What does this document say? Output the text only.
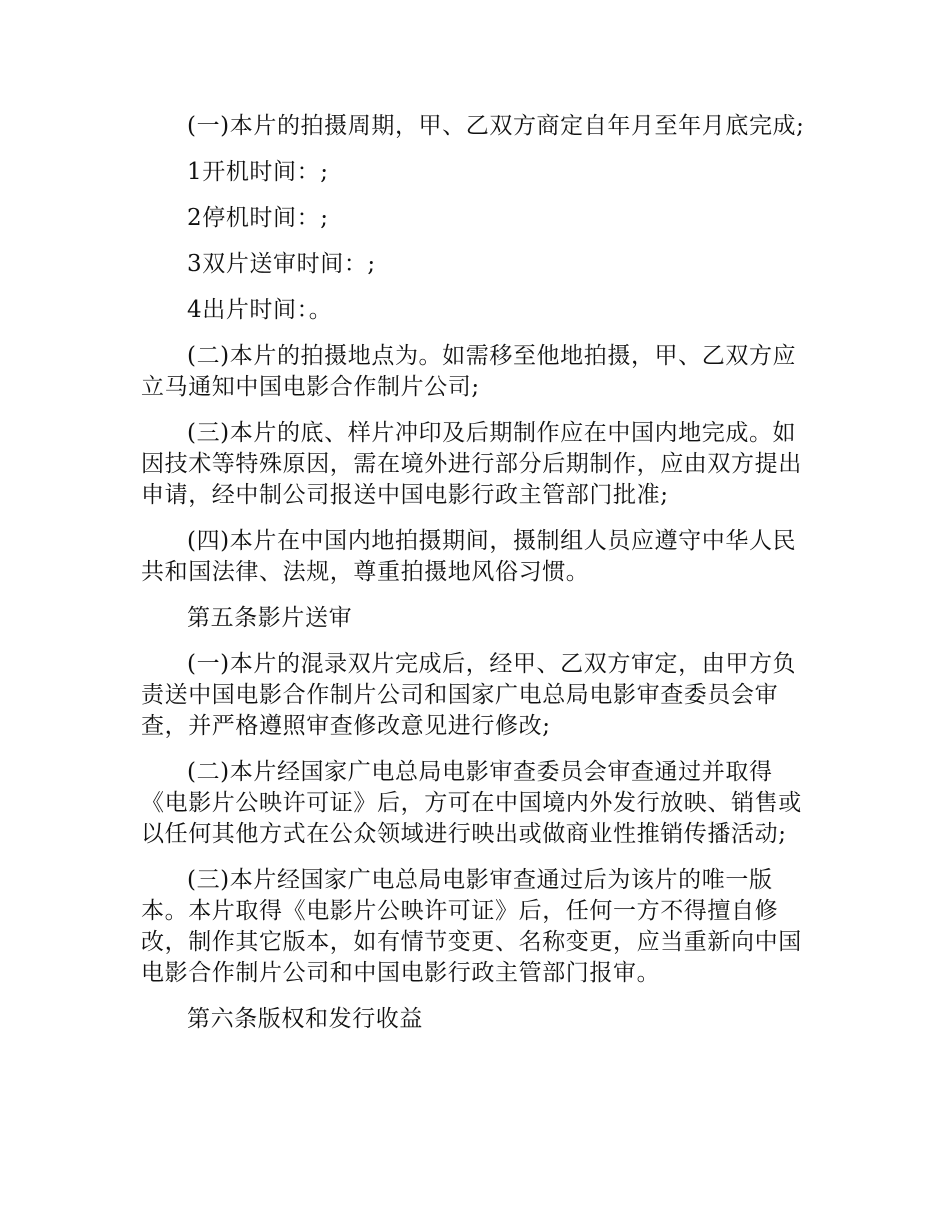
(一)本片的拍摄周期，甲、乙双方商定自年月至年月底完成;

1开机时间：;

2停机时间：;

3双片送审时间：;

4出片时间：。

(二)本片的拍摄地点为。如需移至他地拍摄，甲、乙双方应立马通知中国电影合作制片公司;

(三)本片的底、样片冲印及后期制作应在中国内地完成。如因技术等特殊原因，需在境外进行部分后期制作，应由双方提出申请，经中制公司报送中国电影行政主管部门批准;

(四)本片在中国内地拍摄期间，摄制组人员应遵守中华人民共和国法律、法规，尊重拍摄地风俗习惯。

第五条影片送审

(一)本片的混录双片完成后，经甲、乙双方审定，由甲方负责送中国电影合作制片公司和国家广电总局电影审查委员会审查，并严格遵照审查修改意见进行修改;

(二)本片经国家广电总局电影审查委员会审查通过并取得《电影片公映许可证》后，方可在中国境内外发行放映、销售或以任何其他方式在公众领域进行映出或做商业性推销传播活动;

(三)本片经国家广电总局电影审查通过后为该片的唯一版本。本片取得《电影片公映许可证》后，任何一方不得擅自修改，制作其它版本，如有情节变更、名称变更，应当重新向中国电影合作制片公司和中国电影行政主管部门报审。

第六条版权和发行收益
